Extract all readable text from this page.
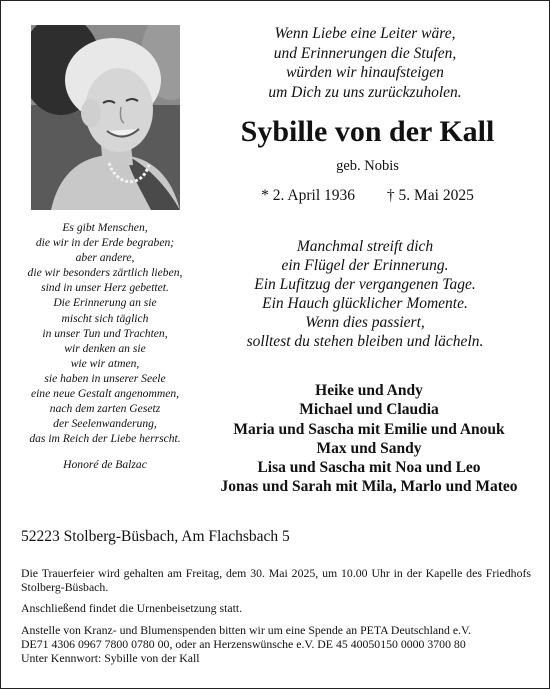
Wenn Liebe eine Leiter wäre,
und Erinnerungen die Stufen,
würden wir hinaufsteigen
um Dich zu uns zurückzuholen.
Sybille von der Kall
geb. Nobis
* 2. April 1936 † 5. Mai 2025
Manchmal streift dich
ein Flügel der Erinnerung.
Ein Lufitzug der vergangenen Tage.
Ein Hauch glücklicher Momente.
Wenn dies passiert,
solltest du stehen bleiben und lächeln.
Es gibt Menschen,
die wir in der Erde begraben;
aber andere,
die wir besonders zärtlich lieben,
sind in unser Herz gebettet.
Die Erinnerung an sie
mischt sich täglich
in unser Tun und Trachten,
wir denken an sie
wie wir atmen,
sie haben in unserer Seele
eine neue Gestalt angenommen,
nach dem zarten Gesetz
der Seelenwanderung,
das im Reich der Liebe herrscht.
Honoré de Balzac
Heike und Andy
Michael und Claudia
Maria und Sascha mit Emilie und Anouk
Max und Sandy
Lisa und Sascha mit Noa und Leo
Jonas und Sarah mit Mila, Marlo und Mateo
52223 Stolberg-Büsbach, Am Flachsbach 5

Die Trauerfeier wird gehalten am Freitag, dem 30. Mai 2025, um 10.00 Uhr in der Kapelle des Friedhofs Stolberg-Büsbach.

Anschließend findet die Urnenbeisetzung statt.

Anstelle von Kranz- und Blumenspenden bitten wir um eine Spende an PETA Deutschland e.V.
DE71 4306 0967 7800 0780 00, oder an Herzenswünsche e.V. DE 45 40050150 0000 3700 80
Unter Kennwort: Sybille von der Kall
